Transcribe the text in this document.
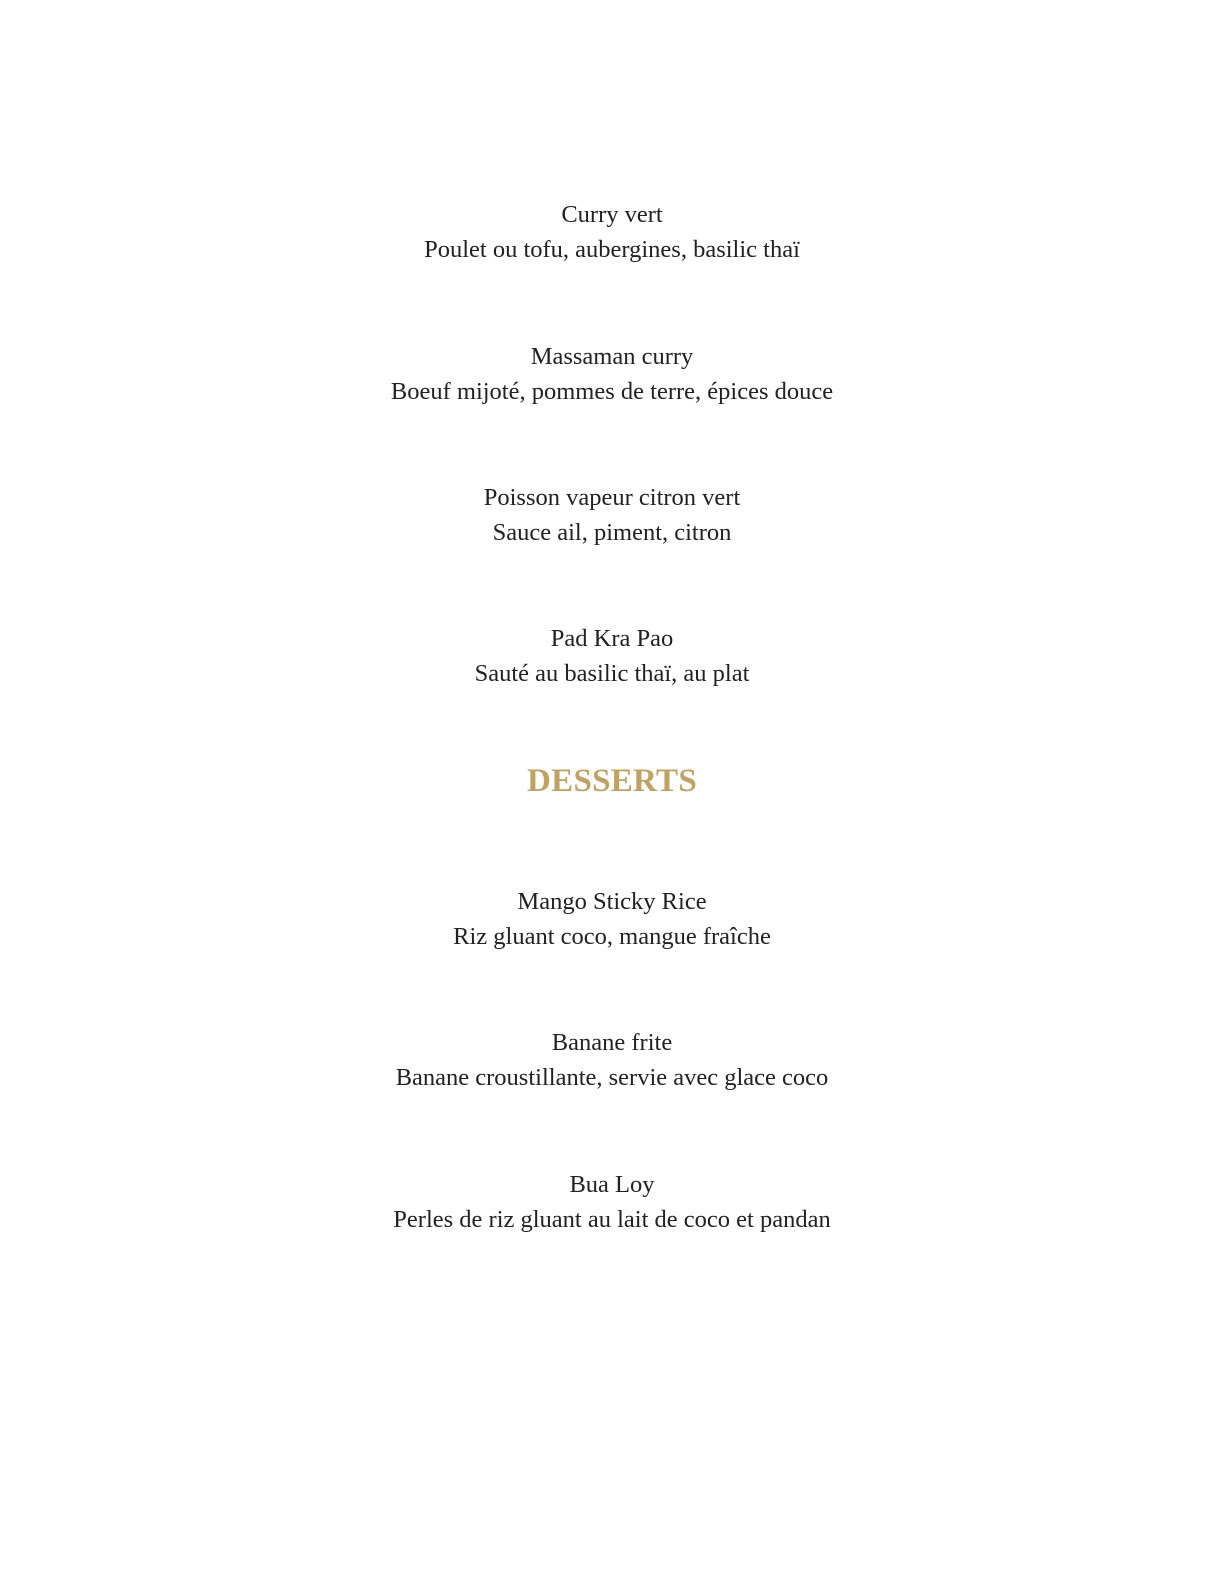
Curry vert
Poulet ou tofu, aubergines, basilic thaï
Massaman curry
Boeuf mijoté, pommes de terre, épices douce
Poisson vapeur citron vert
Sauce ail, piment, citron
Pad Kra Pao
Sauté au basilic thaï, au plat
DESSERTS
Mango Sticky Rice
Riz gluant coco, mangue fraîche
Banane frite
Banane croustillante, servie avec glace coco
Bua Loy
Perles de riz gluant au lait de coco et pandan
